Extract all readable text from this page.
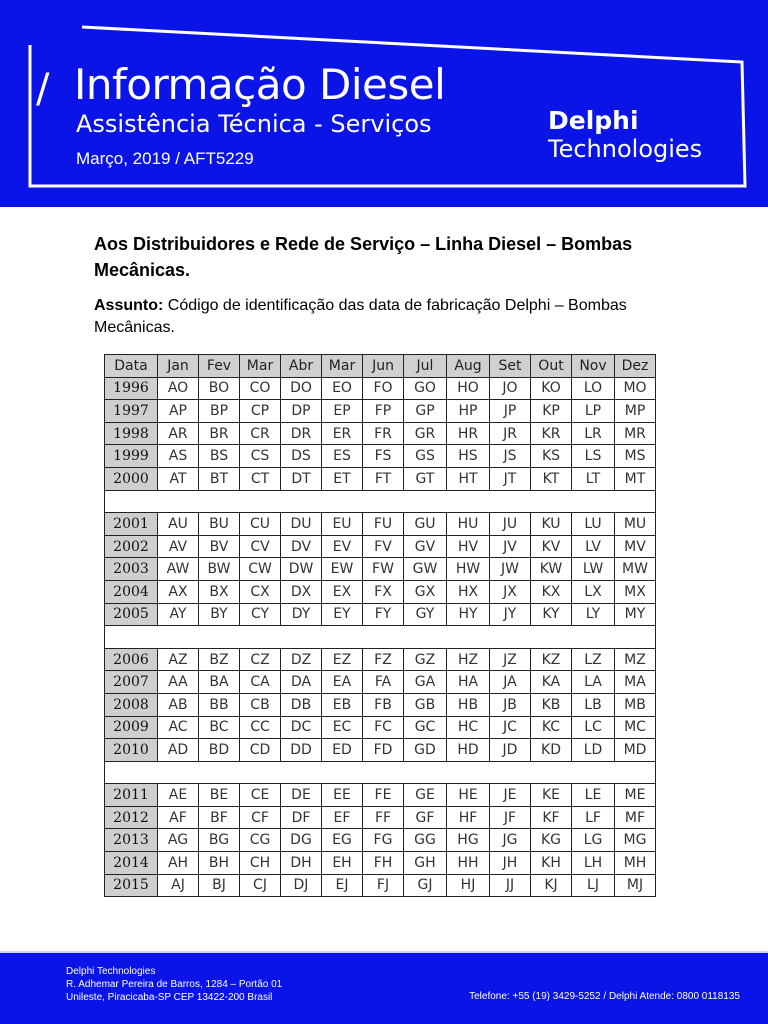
/ Informação Diesel
Assistência Técnica - Serviços
Março, 2019 / AFT5229
Delphi
Technologies
Aos Distribuidores e Rede de Serviço – Linha Diesel – Bombas Mecânicas.
Assunto: Código de identificação das data de fabricação Delphi – Bombas Mecânicas.
Data	Jan	Fev	Mar	Abr	Mar	Jun	Jul	Aug	Set	Out	Nov	Dez
1996	AO	BO	CO	DO	EO	FO	GO	HO	JO	KO	LO	MO
1997	AP	BP	CP	DP	EP	FP	GP	HP	JP	KP	LP	MP
1998	AR	BR	CR	DR	ER	FR	GR	HR	JR	KR	LR	MR
1999	AS	BS	CS	DS	ES	FS	GS	HS	JS	KS	LS	MS
2000	AT	BT	CT	DT	ET	FT	GT	HT	JT	KT	LT	MT

2001	AU	BU	CU	DU	EU	FU	GU	HU	JU	KU	LU	MU
2002	AV	BV	CV	DV	EV	FV	GV	HV	JV	KV	LV	MV
2003	AW	BW	CW	DW	EW	FW	GW	HW	JW	KW	LW	MW
2004	AX	BX	CX	DX	EX	FX	GX	HX	JX	KX	LX	MX
2005	AY	BY	CY	DY	EY	FY	GY	HY	JY	KY	LY	MY

2006	AZ	BZ	CZ	DZ	EZ	FZ	GZ	HZ	JZ	KZ	LZ	MZ
2007	AA	BA	CA	DA	EA	FA	GA	HA	JA	KA	LA	MA
2008	AB	BB	CB	DB	EB	FB	GB	HB	JB	KB	LB	MB
2009	AC	BC	CC	DC	EC	FC	GC	HC	JC	KC	LC	MC
2010	AD	BD	CD	DD	ED	FD	GD	HD	JD	KD	LD	MD

2011	AE	BE	CE	DE	EE	FE	GE	HE	JE	KE	LE	ME
2012	AF	BF	CF	DF	EF	FF	GF	HF	JF	KF	LF	MF
2013	AG	BG	CG	DG	EG	FG	GG	HG	JG	KG	LG	MG
2014	AH	BH	CH	DH	EH	FH	GH	HH	JH	KH	LH	MH
2015	AJ	BJ	CJ	DJ	EJ	FJ	GJ	HJ	JJ	KJ	LJ	MJ
Delphi Technologies
R. Adhemar Pereira de Barros, 1284 – Portão 01
Unileste, Piracicaba-SP CEP 13422-200 Brasil	Telefone: +55 (19) 3429-5252 / Delphi Atende: 0800 0118135
